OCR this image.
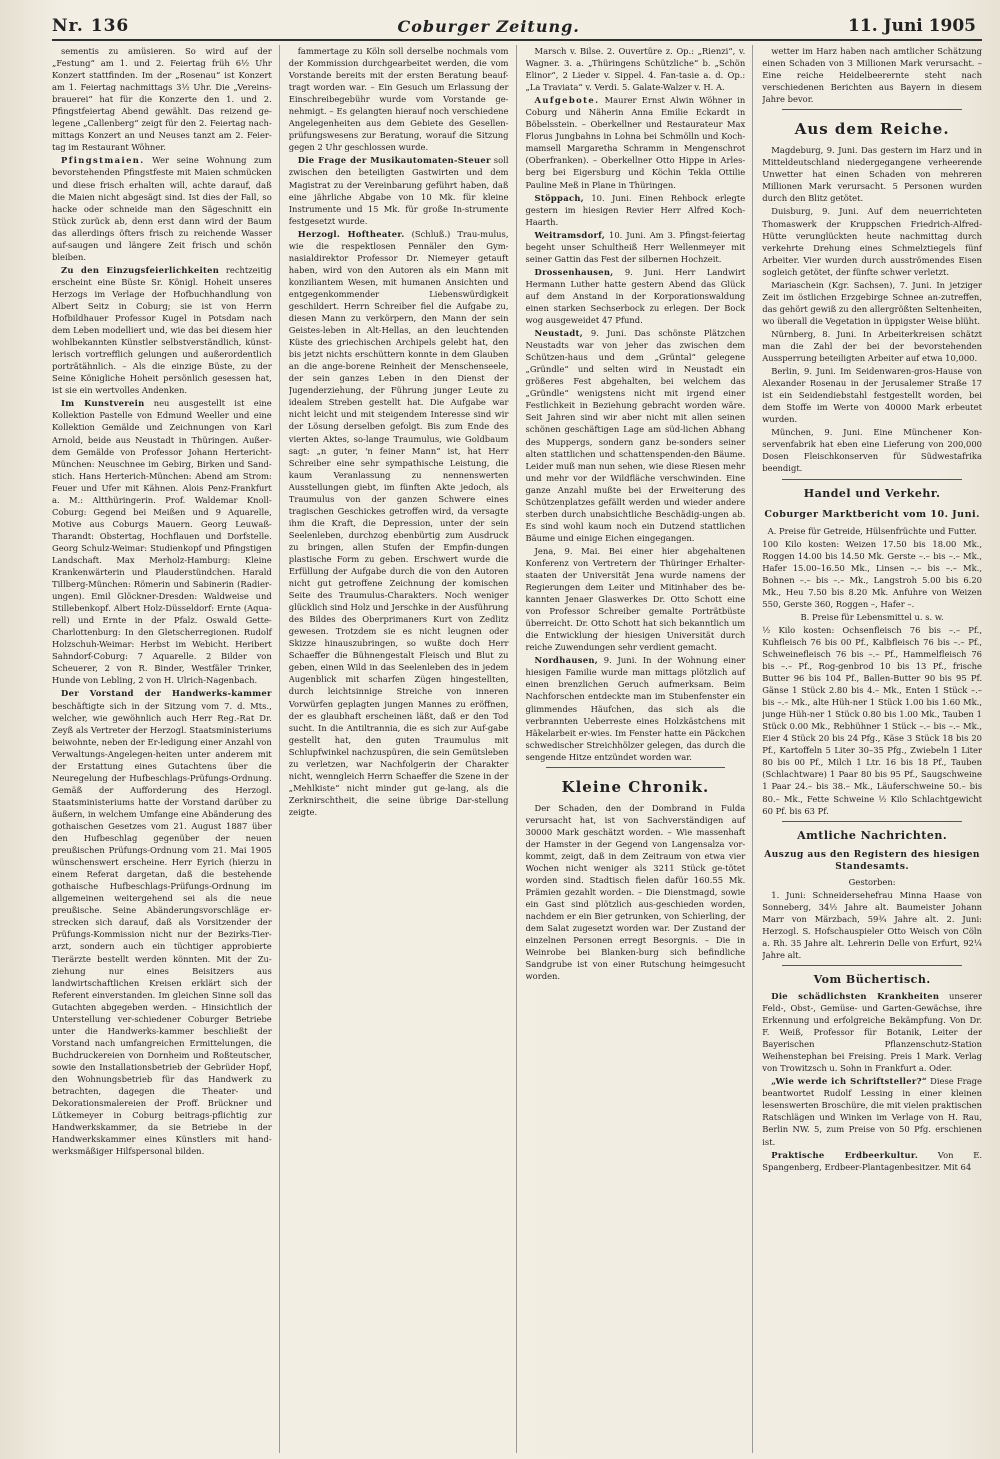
Nr. 136	Coburger Zeitung.	11. Juni 1905

sementis zu amüsieren. So wird auf der „Festung“ am 1. und 2. Feiertag früh 6½ Uhr Konzert stattfinden. Im der „Rosenau“ ist Konzert am 1. Feiertag nachmittags 3½ Uhr. Die „Vereins-brauerei“ hat für die Konzerte den 1. und 2. Pfingstfeiertag Abend gewählt. Das reizend ge-legene „Callenberg“ zeigt für den 2. Feiertag nach-mittags Konzert an und Neuses tanzt am 2. Feier-tag im Restaurant Wöhner.

Pfingstmaien. Wer seine Wohnung zum bevorstehenden Pfingstfeste mit Maien schmücken und diese frisch erhalten will, achte darauf, daß die Maien nicht abgesägt sind. Ist dies der Fall, so hacke oder schneide man den Sägeschnitt ein Stück zurück ab, denn erst dann wird der Baum das allerdings öfters frisch zu reichende Wasser auf-saugen und längere Zeit frisch und schön bleiben.

Zu den Einzugsfeierlichkeiten rechtzeitig erscheint eine Büste Sr. Königl. Hoheit unseres Herzogs im Verlage der Hofbuchhandlung von Albert Seitz in Coburg; sie ist von Herrn Hofbildhauer Professor Kugel in Potsdam nach dem Leben modelliert und, wie das bei diesem hier wohlbekannten Künstler selbstverständlich, künst-lerisch vortrefflich gelungen und außerordentlich porträtähnlich. – Als die einzige Büste, zu der Seine Königliche Hoheit persönlich gesessen hat, ist sie ein wertvolles Andenken.

Im Kunstverein neu ausgestellt ist eine Kollektion Pastelle von Edmund Weeller und eine Kollektion Gemälde und Zeichnungen von Karl Arnold, beide aus Neustadt in Thüringen. Außer-dem Gemälde von Professor Johann Hertericht-München: Neuschnee im Gebirg, Birken und Sand-stich. Hans Herterich-München: Abend am Strom: Feuer und Ufer mit Kähnen. Alois Penz-Frankfurt a. M.: Altthüringerin. Prof. Waldemar Knoll-Coburg: Gegend bei Meißen und 9 Aquarelle, Motive aus Coburgs Mauern. Georg Leuwaß-Tharandt: Obstertag, Hochflauen und Dorfstelle. Georg Schulz-Weimar: Studienkopf und Pfingstigen Landschaft. Max Merholz-Hamburg: Kleine Krankenwärterin und Plauderstündchen. Harald Tillberg-München: Römerin und Sabinerin (Radier-ungen). Emil Glöckner-Dresden: Waldweise und Stillebenkopf. Albert Holz-Düsseldorf: Ernte (Aqua-rell) und Ernte in der Pfalz. Oswald Gette-Charlottenburg: In den Gletscherregionen. Rudolf Holzschuh-Weimar: Herbst im Webicht. Heribert Sahndorf-Coburg: 7 Aquarelle. 2 Bilder von Scheuerer, 2 von R. Binder, Westfäler Trinker, Hunde von Lebling, 2 von H. Ulrich-Nagenbach.

Der Vorstand der Handwerks-kammer beschäftigte sich in der Sitzung vom 7. d. Mts., welcher, wie gewöhnlich auch Herr Reg.-Rat Dr. Zeyß als Vertreter der Herzogl. Staatsministeriums beiwohnte, neben der Er-ledigung einer Anzahl von Verwaltungs-Angelegen-heiten unter anderem mit der Erstattung eines Gutachtens über die Neuregelung der Hufbeschlags-Prüfungs-Ordnung. Gemäß der Aufforderung des Herzogl. Staatsministeriums hatte der Vorstand darüber zu äußern, in welchem Umfange eine Abänderung des gothaischen Gesetzes vom 21. August 1887 über den Hufbeschlag gegenüber der neuen preußischen Prüfungs-Ordnung vom 21. Mai 1905 wünschenswert erscheine. Herr Eyrich (hierzu in einem Referat dargetan, daß die bestehende gothaische Hufbeschlags-Prüfungs-Ordnung im allgemeinen weitergehend sei als die neue preußische. Seine Abänderungsvorschläge er-strecken sich darauf, daß als Vorsitzender der Prüfungs-Kommission nicht nur der Bezirks-Tier-arzt, sondern auch ein tüchtiger approbierte Tierärzte bestellt werden könnten. Mit der Zu-ziehung nur eines Beisitzers aus landwirtschaftlichen Kreisen erklärt sich der Referent einverstanden. Im gleichen Sinne soll das Gutachten abgegeben werden. – Hinsichtlich der Unterstellung ver-schiedener Coburger Betriebe unter die Handwerks-kammer beschließt der Vorstand nach umfangreichen Ermittelungen, die Buchdruckereien von Dornheim und Roßteutscher, sowie den Installationsbetrieb der Gebrüder Hopf, den Wohnungsbetrieb für das Handwerk zu betrachten, dagegen die Theater- und Dekorationsmalereien der Proff. Brückner und Lütkemeyer in Coburg beitrags-pflichtig zur Handwerkskammer, da sie Betriebe in der Handwerkskammer eines Künstlers mit hand-werksmäßiger Hilfspersonal bilden.

fammertage zu Köln soll derselbe nochmals vom der Kommission durchgearbeitet werden, die vom Vorstande bereits mit der ersten Beratung beauf-tragt worden war. – Ein Gesuch um Erlassung der Einschreibegebühr wurde vom Vorstande ge-nehmigt. – Es gelangten hierauf noch verschiedene Angelegenheiten aus dem Gebiete des Gesellen-prüfungswesens zur Beratung, worauf die Sitzung gegen 2 Uhr geschlossen wurde.

Die Frage der Musikautomaten-Steuer soll zwischen den beteiligten Gastwirten und dem Magistrat zu der Vereinbarung geführt haben, daß eine jährliche Abgabe von 10 Mk. für kleine Instrumente und 15 Mk. für große In-strumente festgesetzt wurde.

Herzogl. Hoftheater. (Schluß.) Trau-mulus, wie die respektlosen Pennäler den Gym-nasialdirektor Professor Dr. Niemeyer getauft haben, wird von den Autoren als ein Mann mit konziliantem Wesen, mit humanen Ansichten und entgegenkommender Liebenswürdigkeit geschildert. Herrn Schreiber fiel die Aufgabe zu, diesen Mann zu verkörpern, den Mann der sein Geistes-leben in Alt-Hellas, an den leuchtenden Küste des griechischen Archipels gelebt hat, den bis jetzt nichts erschüttern konnte in dem Glauben an die ange-borene Reinheit der Menschenseele, der sein ganzes Leben in den Dienst der Jugenderziehung, der Führung junger Leute zu idealem Streben gestellt hat. Die Aufgabe war nicht leicht und mit steigendem Interesse sind wir der Lösung derselben gefolgt. Bis zum Ende des vierten Aktes, so-lange Traumulus, wie Goldbaum sagt: „n guter, 'n feiner Mann“ ist, hat Herr Schreiber eine sehr sympathische Leistung, die kaum Veranlassung zu nennenswerten Ausstellungen giebt, im fünften Akte jedoch, als Traumulus von der ganzen Schwere eines tragischen Geschickes getroffen wird, da versagte ihm die Kraft, die Depression, unter der sein Seelenleben, durchzog ebenbürtig zum Ausdruck zu bringen, allen Stufen der Empfin-dungen plastische Form zu geben. Erschwert wurde die Erfüllung der Aufgabe durch die von den Autoren nicht gut getroffene Zeichnung der komischen Seite des Traumulus-Charakters. Noch weniger glücklich sind Holz und Jerschke in der Ausführung des Bildes des Oberprimaners Kurt von Zedlitz gewesen. Trotzdem sie es nicht leugnen oder Skizze hinauszubringen, so wußte doch Herr Schaeffer die Bühnengestalt Fleisch und Blut zu geben, einen Wild in das Seelenleben des in jedem Augenblick mit scharfen Zügen hingestellten, durch leichtsinnige Streiche von inneren Vorwürfen geplagten jungen Mannes zu eröffnen, der es glaubhaft erscheinen läßt, daß er den Tod sucht. In die Antiltrannia, die es sich zur Auf-gabe gestellt hat, den guten Traumulus mit Schlupfwinkel nachzuspüren, die sein Gemütsleben zu verletzen, war Nachfolgerin der Charakter nicht, wenngleich Herrn Schaeffer die Szene in der „Mehlkiste“ nicht minder gut ge-lang, als die Zerknirschtheit, die seine übrige Dar-stellung zeigte.

Marsch v. Bilse. 2. Ouvertüre z. Op.: „Rienzi“, v. Wagner. 3. a. „Thüringens Schützliche“ b. „Schön Elinor“, 2 Lieder v. Sippel. 4. Fan-tasie a. d. Op.: „La Traviata“ v. Verdi. 5. Galate-Walzer v. H. A.

Aufgebote. Maurer Ernst Alwin Wöhner in Coburg und Näherin Anna Emilie Eckardt in Böbelsstein. – Oberkellner und Restaurateur Max Florus Jungbahns in Lohna bei Schmölln und Koch-mamsell Margaretha Schramm in Mengenschrot (Oberfranken). – Oberkellner Otto Hippe in Arles-berg bei Eigersburg und Köchin Tekla Ottilie Pauline Meß in Plane in Thüringen.

Stöppach, 10. Juni. Einen Rehbock erlegte gestern im hiesigen Revier Herr Alfred Koch-Haarth.

Weitramsdorf, 10. Juni. Am 3. Pfingst-feiertag begeht unser Schultheiß Herr Wellenmeyer mit seiner Gattin das Fest der silbernen Hochzeit.

Drossenhausen, 9. Juni. Herr Landwirt Hermann Luther hatte gestern Abend das Glück auf dem Anstand in der Korporationswaldung einen starken Sechserbock zu erlegen. Der Bock wog ausgeweidet 47 Pfund.

Neustadt, 9. Juni. Das schönste Plätzchen Neustadts war von jeher das zwischen dem Schützen-haus und dem „Grüntal“ gelegene „Gründle“ und selten wird in Neustadt ein größeres Fest abgehalten, bei welchem das „Gründle“ wenigstens nicht mit irgend einer Festlichkeit in Beziehung gebracht worden wäre. Seit Jahren sind wir aber nicht mit allen seinen schönen geschäftigen Lage am süd-lichen Abhang des Muppergs, sondern ganz be-sonders seiner alten stattlichen und schattenspenden-den Bäume. Leider muß man nun sehen, wie diese Riesen mehr und mehr vor der Wildfläche verschwinden. Eine ganze Anzahl mußte bei der Erweiterung des Schützenplatzes gefällt werden und wieder andere sterben durch unabsichtliche Beschädig-ungen ab. Es sind wohl kaum noch ein Dutzend stattlichen Bäume und einige Eichen eingegangen.

Jena, 9. Mai. Bei einer hier abgehaltenen Konferenz von Vertretern der Thüringer Erhalter-staaten der Universität Jena wurde namens der Regierungen dem Leiter und Mitinhaber des be-kannten Jenaer Glaswerkes Dr. Otto Schott eine von Professor Schreiber gemalte Porträtbüste überreicht. Dr. Otto Schott hat sich bekanntlich um die Entwicklung der hiesigen Universität durch reiche Zuwendungen sehr verdient gemacht.

Nordhausen, 9. Juni. In der Wohnung einer hiesigen Familie wurde man mittags plötzlich auf einen brenzlichen Geruch aufmerksam. Beim Nachforschen entdeckte man im Stubenfenster ein glimmendes Häufchen, das sich als die verbrannten Ueberreste eines Holzkästchens mit Häkelarbeit er-wies. Im Fenster hatte ein Päckchen schwedischer Streichhölzer gelegen, das durch die sengende Hitze entzündet worden war.

Kleine Chronik.

Der Schaden, den der Dombrand in Fulda verursacht hat, ist von Sachverständigen auf 30000 Mark geschätzt worden. – Wie massenhaft der Hamster in der Gegend von Langensalza vor-kommt, zeigt, daß in dem Zeitraum von etwa vier Wochen nicht weniger als 3211 Stück ge-tötet worden sind. Stadtisch fielen dafür 160.55 Mk. Prämien gezahlt worden. – Die Dienstmagd, sowie ein Gast sind plötzlich aus-geschieden worden, nachdem er ein Bier getrunken, von Schierling, der dem Salat zugesetzt worden war. Der Zustand der einzelnen Personen erregt Besorgnis. – Die in Weinrobe bei Blanken-burg sich befindliche Sandgrube ist von einer Rutschung heimgesucht worden.

wetter im Harz haben nach amtlicher Schätzung einen Schaden von 3 Millionen Mark verursacht. – Eine reiche Heidelbeerernte steht nach verschiedenen Berichten aus Bayern in diesem Jahre bevor.

Aus dem Reiche.

Magdeburg, 9. Juni. Das gestern im Harz und in Mitteldeutschland niedergegangene verheerende Unwetter hat einen Schaden von mehreren Millionen Mark verursacht. 5 Personen wurden durch den Blitz getötet.

Duisburg, 9. Juni. Auf dem neuerrichteten Thomaswerk der Kruppschen Friedrich-Alfred-Hütte verunglückten heute nachmittag durch verkehrte Drehung eines Schmelztiegels fünf Arbeiter. Vier wurden durch ausströmendes Eisen sogleich getötet, der fünfte schwer verletzt.

Mariaschein (Kgr. Sachsen), 7. Juni. In jetziger Zeit im östlichen Erzgebirge Schnee an-zutreffen, das gehört gewiß zu den allergrößten Seltenheiten, wo überall die Vegetation in üppigster Weise blüht.

Nürnberg, 8. Juni. In Arbeiterkreisen schätzt man die Zahl der bei der bevorstehenden Aussperrung beteiligten Arbeiter auf etwa 10,000.

Berlin, 9. Juni. Im Seidenwaren-gros-Hause von Alexander Rosenau in der Jerusalemer Straße 17 ist ein Seidendiebstahl festgestellt worden, bei dem Stoffe im Werte von 40000 Mark erbeutet wurden.

München, 9. Juni. Eine Münchener Kon-servenfabrik hat eben eine Lieferung von 200,000 Dosen Fleischkonserven für Südwestafrika beendigt.

Handel und Verkehr.
Coburger Marktbericht vom 10. Juni.

A. Preise für Getreide, Hülsenfrüchte und Futter.

100 Kilo kosten: Weizen 17.50 bis 18.00 Mk., Roggen 14.00 bis 14.50 Mk. Gerste –.– bis –.– Mk., Hafer 15.00–16.50 Mk., Linsen –.– bis –.– Mk., Bohnen –.– bis –.– Mk., Langstroh 5.00 bis 6.20 Mk., Heu 7.50 bis 8.20 Mk. Anfuhre von Weizen 550, Gerste 360, Roggen –, Hafer –.

B. Preise für Lebensmittel u. s. w.

½ Kilo kosten: Ochsenfleisch 76 bis –.– Pf., Kuhfleisch 76 bis 00 Pf., Kalbfleisch 76 bis –.– Pf., Schweinefleisch 76 bis –.– Pf., Hammelfleisch 76 bis –.– Pf., Rog-genbrod 10 bis 13 Pf., frische Butter 96 bis 104 Pf., Ballen-Butter 90 bis 95 Pf. Gänse 1 Stück 2.80 bis 4.– Mk., Enten 1 Stück –.– bis –.– Mk., alte Hüh-ner 1 Stück 1.00 bis 1.60 Mk., junge Hüh-ner 1 Stück 0.80 bis 1.00 Mk., Tauben 1 Stück 0.00 Mk., Rebhühner 1 Stück –.– bis –.– Mk., Eier 4 Stück 20 bis 24 Pfg., Käse 3 Stück 18 bis 20 Pf., Kartoffeln 5 Liter 30–35 Pfg., Zwiebeln 1 Liter 80 bis 00 Pf., Milch 1 Ltr. 16 bis 18 Pf., Tauben (Schlachtware) 1 Paar 80 bis 95 Pf., Saugschweine 1 Paar 24.– bis 38.– Mk., Läuferschweine 50.– bis 80.– Mk., Fette Schweine ½ Kilo Schlachtgewicht 60 Pf. bis 63 Pf.

Amtliche Nachrichten.
Auszug aus den Registern des hiesigen Standesamts.

Gestorben:

1. Juni: Schneidersehefrau Minna Haase von Sonneberg, 34½ Jahre alt. Baumeister Johann Marr von Märzbach, 59¾ Jahre alt. 2. Juni: Herzogl. S. Hofschauspieler Otto Weisch von Cöln a. Rh. 35 Jahre alt. Lehrerin Delle von Erfurt, 92¼ Jahre alt.

Vom Büchertisch.

Die schädlichsten Krankheiten unserer Feld-, Obst-, Gemüse- und Garten-Gewächse, ihre Erkennung und erfolgreiche Bekämpfung. Von Dr. F. Weiß, Professor für Botanik, Leiter der Bayerischen Pflanzenschutz-Station Weihenstephan bei Freising. Preis 1 Mark. Verlag von Trowitzsch u. Sohn in Frankfurt a. Oder.

„Wie werde ich Schriftsteller?“ Diese Frage beantwortet Rudolf Lessing in einer kleinen lesenswerten Broschüre, die mit vielen praktischen Ratschlägen und Winken im Verlage von H. Rau, Berlin NW. 5, zum Preise von 50 Pfg. erschienen ist.

Praktische Erdbeerkultur. Von E. Spangenberg, Erdbeer-Plantagenbesitzer. Mit 64
